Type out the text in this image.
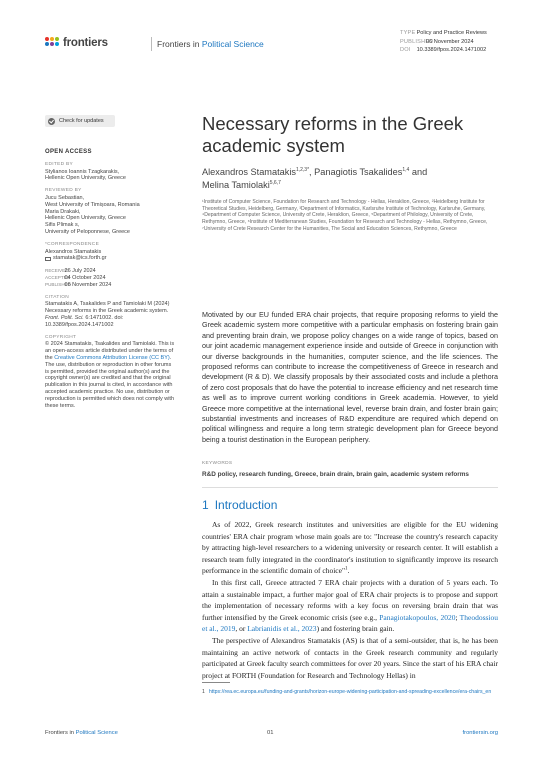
frontiers	Frontiers in Political Science
TYPE Policy and Practice Reviews
PUBLISHED06 November 2024
DOI 10.3389/fpos.2024.1471002
Check for updates
OPEN ACCESS
EDITED BY
Stylianos Ioannis Tzagkarakis,
Hellenic Open University, Greece
REVIEWED BY
Jucu Sebastian,
West University of Timișoara, Romania
Maria Drakaki,
Hellenic Open University, Greece
Sifis Plimak s,
University of Peloponnese, Greece
*CORRESPONDENCE
Alexandros Stamatakis
stamatak@ics.forth.gr
RECEIVED 26 July 2024
ACCEPTED 04 October 2024
PUBLISHED 06 November 2024
CITATION
Stamatakis A, Tsakalides P and Tamiolaki M (2024) Necessary reforms in the Greek academic system. Front. Polit. Sci. 6:1471002. doi: 10.3389/fpos.2024.1471002
COPYRIGHT
© 2024 Stamatakis, Tsakalides and Tamiolaki. This is an open-access article distributed under the terms of the Creative Commons Attribution License (CC BY). The use, distribution or reproduction in other forums is permitted, provided the original author(s) and the copyright owner(s) are credited and that the original publication in this journal is cited, in accordance with accepted academic practice. No use, distribution or reproduction is permitted which does not comply with these terms.
Necessary reforms in the Greek academic system
Alexandros Stamatakis$^{1,2,3*}$, Panagiotis Tsakalides$^{1,4}$ and
Melina Tamiolaki$^{5,6,7}$
¹Institute of Computer Science, Foundation for Research and Technology - Hellas, Heraklion, Greece, ²Heidelberg Institute for Theoretical Studies, Heidelberg, Germany, ³Department of Informatics, Karlsruhe Institute of Technology, Karlsruhe, Germany, ⁴Department of Computer Science, University of Crete, Heraklion, Greece, ⁵Department of Philology, University of Crete, Rethymno, Greece, ⁶Institute of Mediterranean Studies, Foundation for Research and Technology - Hellas, Rethymno, Greece, ⁷University of Crete Research Center for the Humanities, The Social and Education Sciences, Rethymno, Greece
Motivated by our EU funded ERA chair projects, that require proposing reforms to yield the Greek academic system more competitive with a particular emphasis on fostering brain gain and preventing brain drain, we propose policy changes on a wide range of topics, based on our joint academic management experience inside and outside of Greece in conjunction with our diverse backgrounds in the humanities, computer science, and the life sciences. The proposed reforms can contribute to increase the competitiveness of Greece in research and development (R & D). We classify proposals by their associated costs and include a plethora of zero cost proposals that do have the potential to increase efficiency and net research time as well as to improve current working conditions in Greek academia. However, to yield Greece more competitive at the international level, reverse brain drain, and foster brain gain; substantial investments and increases of R&D expenditure are required which depend on political willingness and require a long term strategic development plan for Greece beyond being a tourist destination in the European periphery.
KEYWORDS
R&D policy, research funding, Greece, brain drain, brain gain, academic system reforms
1 Introduction

As of 2022, Greek research institutes and universities are eligible for the EU widening countries' ERA chair program whose main goals are to: "Increase the country's research capacity by attracting high-level researchers to a widening university or research center. It will establish a research team fully integrated in the coordinator's institution to significantly improve its research performance in the scientific domain of choice"$^1$.

In this first call, Greece attracted 7 ERA chair projects with a duration of 5 years each. To attain a sustainable impact, a further major goal of ERA chair projects is to propose and support the implementation of necessary reforms with a key focus on reversing brain drain that was further intensified by the Greek economic crisis (see e.g., Panagiotakopoulos, 2020; Theodossiou et al., 2019, or Labrianidis et al., 2023) and fostering brain gain.

The perspective of Alexandros Stamatakis (AS) is that of a semi-outsider, that is, he has been maintaining an active network of contacts in the Greek research community and regularly participated at Greek faculty search committees for over 20 years. Since the start of his ERA chair project at FORTH (Foundation for Research and Technology Hellas) in

1 https://rea.ec.europa.eu/funding-and-grants/horizon-europe-widening-participation-and-spreading-excellence/era-chairs_en
Frontiers in Political Science	01	frontiersin.org
